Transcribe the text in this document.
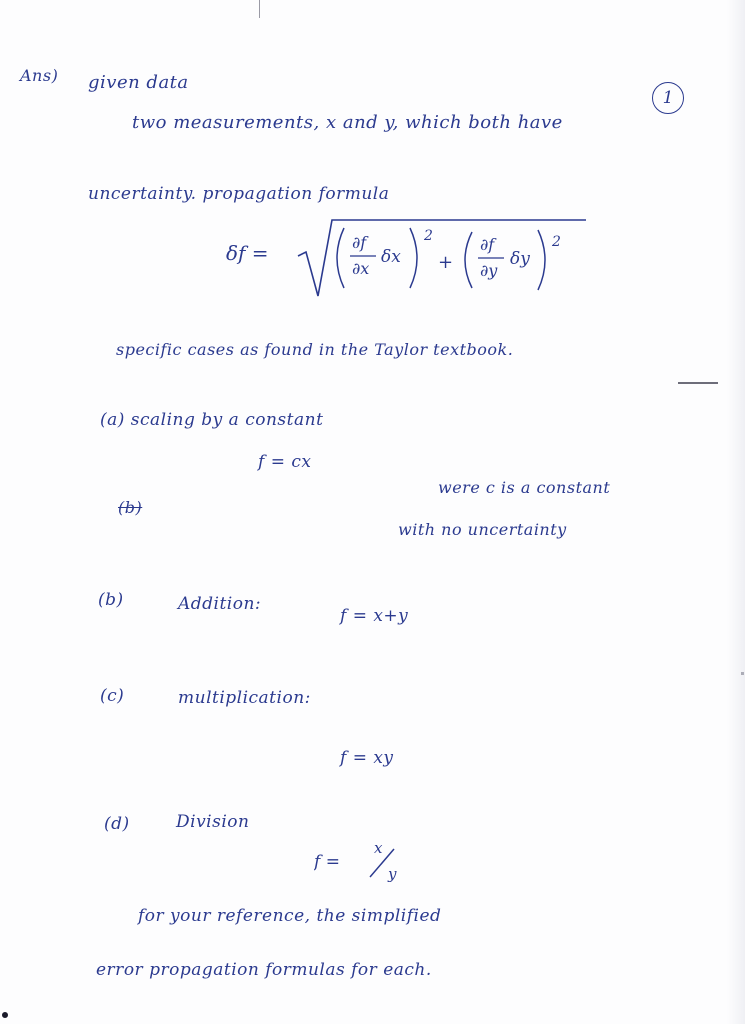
Ans) given data
1
two measurements, x and y, which both have
uncertainty. propagation formula
δf =	∂f
∂x
δx
2
+
∂f
∂y
δy
2
specific cases as found in the Taylor textbook.
(a) scaling by a constant
f = cx
(b)
were c is a constant
with no uncertainty
(b)	Addition:
f = x+y
(c)	multiplication:
f = xy
(d)	Division
f =
x
y
for your reference, the simplified
error propagation formulas for each.
